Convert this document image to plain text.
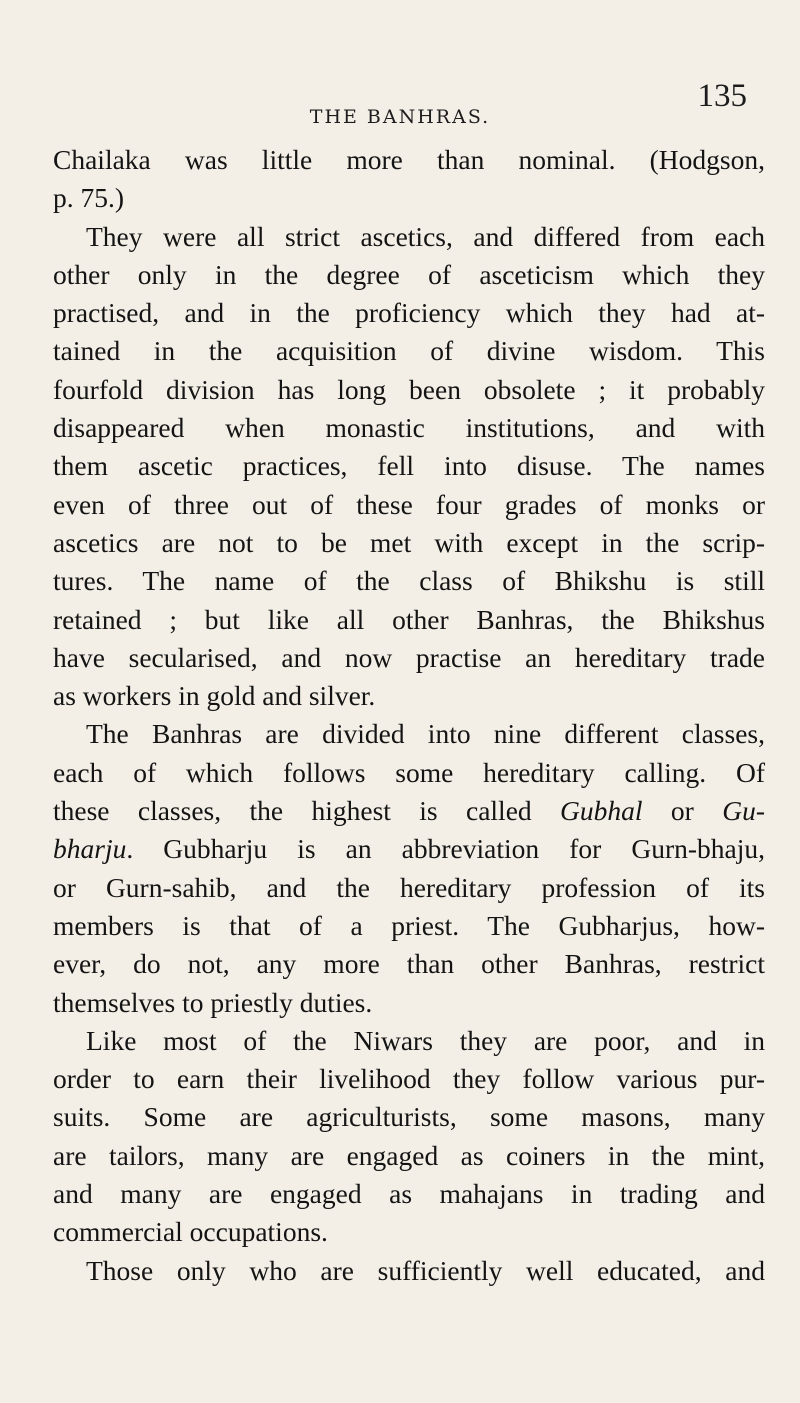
THE BANHRAS.
135

Chailaka was little more than nominal. (Hodgson,
p. 75.)

They were all strict ascetics, and differed from each
other only in the degree of asceticism which they
practised, and in the proficiency which they had at-
tained in the acquisition of divine wisdom. This
fourfold division has long been obsolete ; it probably
disappeared when monastic institutions, and with
them ascetic practices, fell into disuse. The names
even of three out of these four grades of monks or
ascetics are not to be met with except in the scrip-
tures. The name of the class of Bhikshu is still
retained ; but like all other Banhras, the Bhikshus
have secularised, and now practise an hereditary trade
as workers in gold and silver.

The Banhras are divided into nine different classes,
each of which follows some hereditary calling. Of
these classes, the highest is called Gubhal or Gu-
bharju. Gubharju is an abbreviation for Gurn-bhaju,
or Gurn-sahib, and the hereditary profession of its
members is that of a priest. The Gubharjus, how-
ever, do not, any more than other Banhras, restrict
themselves to priestly duties.

Like most of the Niwars they are poor, and in
order to earn their livelihood they follow various pur-
suits. Some are agriculturists, some masons, many
are tailors, many are engaged as coiners in the mint,
and many are engaged as mahajans in trading and
commercial occupations.

Those only who are sufficiently well educated, and
